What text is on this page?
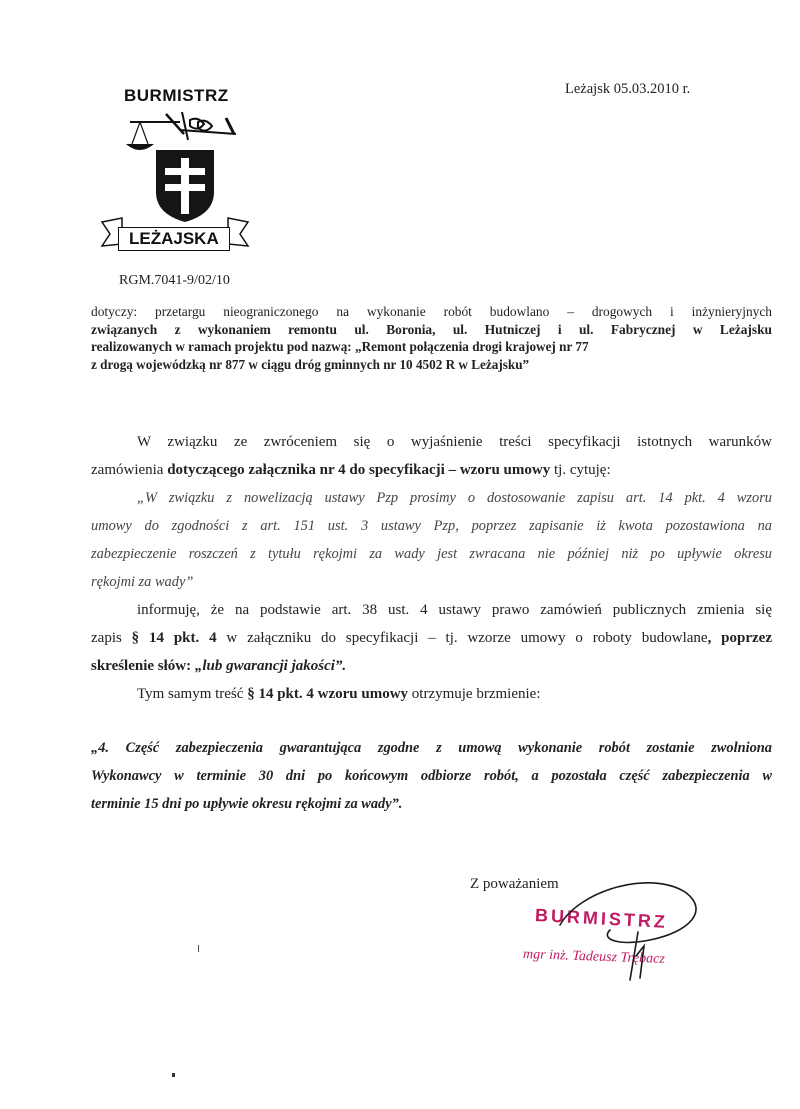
BURMISTRZ
LEŻAJSKA
RGM.7041-9/02/10
Leżajsk 05.03.2010 r.
dotyczy: przetargu nieograniczonego na wykonanie robót budowlano – drogowych i inżynieryjnych
związanych z wykonaniem remontu ul. Boronia, ul. Hutniczej i ul. Fabrycznej w Leżajsku
realizowanych w ramach projektu pod nazwą: „Remont połączenia drogi krajowej nr 77
z drogą wojewódzką nr 877 w ciągu dróg gminnych nr 10 4502 R w Leżajsku”
W związku ze zwróceniem się o wyjaśnienie treści specyfikacji istotnych warunków
zamówienia dotyczącego załącznika nr 4 do specyfikacji – wzoru umowy tj. cytuję:
„W związku z nowelizacją ustawy Pzp prosimy o dostosowanie zapisu art. 14 pkt. 4 wzoru
umowy do zgodności z art. 151 ust. 3 ustawy Pzp, poprzez zapisanie iż kwota pozostawiona na
zabezpieczenie roszczeń z tytułu rękojmi za wady jest zwracana nie później niż po upływie okresu
rękojmi za wady”
informuję, że na podstawie art. 38 ust. 4 ustawy prawo zamówień publicznych zmienia się
zapis § 14 pkt. 4 w załączniku do specyfikacji – tj. wzorze umowy o roboty budowlane, poprzez
skreślenie słów: „lub gwarancji jakości”.
Tym samym treść § 14 pkt. 4 wzoru umowy otrzymuje brzmienie:
„4. Część zabezpieczenia gwarantująca zgodne z umową wykonanie robót zostanie zwolniona
Wykonawcy w terminie 30 dni po końcowym odbiorze robót, a pozostała część zabezpieczenia w
terminie 15 dni po upływie okresu rękojmi za wady”.
Z poważaniem
BURMISTRZ
mgr inż. Tadeusz Trębacz
